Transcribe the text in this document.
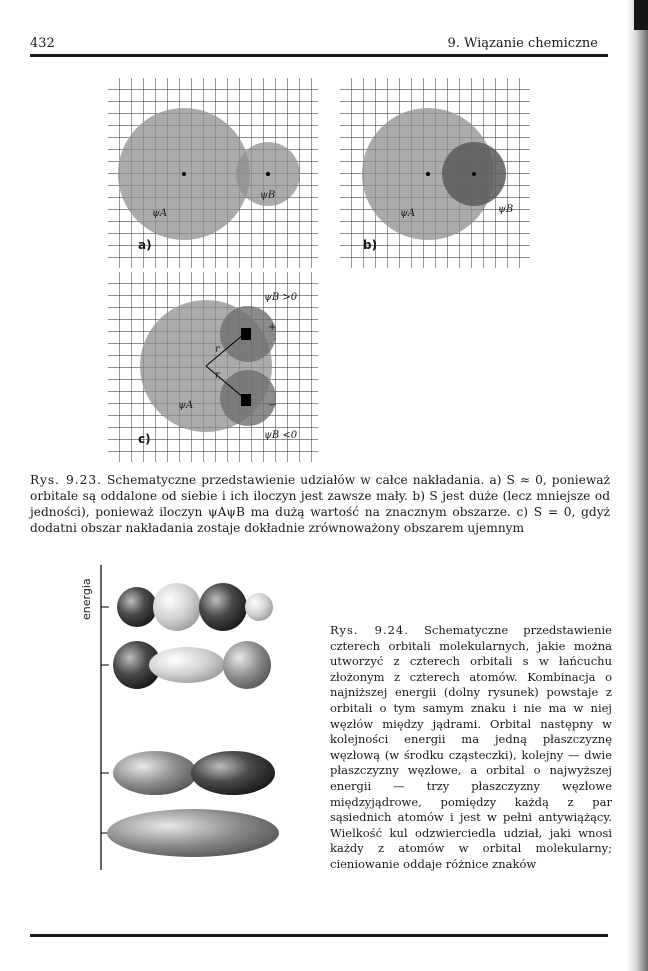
432	9. Wiązanie chemiczne
a)
ψA
ψB
b)
ψA	ψB
c)
ψA
ψB >0
ψB <0
+
−
r
r
Rys. 9.23. Schematyczne przedstawienie udziałów w całce nakładania. a) S ≈ 0, ponieważ orbitale są oddalone od siebie i ich iloczyn jest zawsze mały. b) S jest duże (lecz mniejsze od jedności), ponieważ iloczyn ψAψB ma dużą wartość na znacznym obszarze. c) S = 0, gdyż dodatni obszar nakładania zostaje dokładnie zrównoważony obszarem ujemnym
energia
Rys. 9.24. Schematyczne przedstawienie czterech orbitali molekularnych, jakie można utworzyć z czterech orbitali s w łańcuchu złożonym z czterech atomów. Kombinacja o najniższej energii (dolny rysunek) powstaje z orbitali o tym samym znaku i nie ma w niej węzłów między jądrami. Orbital następny w kolejności energii ma jedną płaszczyznę węzłową (w środku cząsteczki), kolejny — dwie płaszczyzny węzłowe, a orbital o najwyższej energii — trzy płaszczyzny węzłowe międzyjądrowe, pomiędzy każdą z par sąsiednich atomów i jest w pełni antywiążący. Wielkość kul odzwierciedla udział, jaki wnosi każdy z atomów w orbital molekularny; cieniowanie oddaje różnice znaków
